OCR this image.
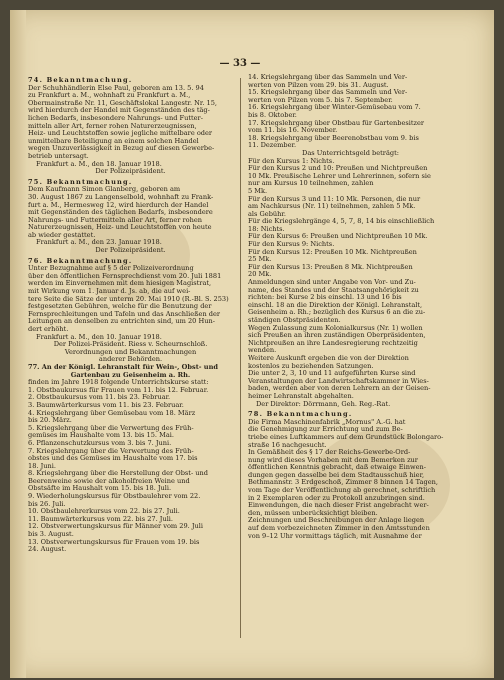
— 33 —
74. Bekanntmachung.
Der Schuhhändlerin Else Paul, geboren am 13. 5. 94
zu Frankfurt a. M., wohnhaft zu Frankfurt a. M.,
Obermainstraße Nr. 11, Geschäftslokal Langestr. Nr. 15,
wird hierdurch der Handel mit Gegenständen des täg-
lichen Bedarfs, insbesondere Nahrungs- und Futter-
mitteln aller Art, ferner rohen Naturerzeugnissen,
Heiz- und Leuchtstoffen sowie jegliche mittelbare oder
unmittelbare Beteiligung an einem solchen Handel
wegen Unzuverlässigkeit in Bezug auf diesen Gewerbe-
betrieb untersagt.
Frankfurt a. M., den 18. Januar 1918.
Der Polizeipräsident.
75. Bekanntmachung.
Dem Kaufmann Simon Glanberg, geboren am
30. August 1867 zu Langenselbold, wohnhaft zu Frank-
furt a. M., Hermesweg 12, wird hierdurch der Handel
mit Gegenständen des täglichen Bedarfs, insbesondere
Nahrungs- und Futtermitteln aller Art, ferner rohen
Naturerzeugnissen, Heiz- und Leuchtstoffen von heute
ab wieder gestattet.
Frankfurt a. M., den 23. Januar 1918.
Der Polizeipräsident.
76. Bekanntmachung.
Unter Bezugnahme auf § 5 der Polizeiverordnung
über den öffentlichen Fernsprechdienst vom 20. Juli 1881
werden im Einvernehmen mit dem hiesigen Magistrat,
mit Wirkung vom 1. Januar d. Js. ab, die auf wei-
tere Seite die Sätze der unterm 20. Mai 1910 (R.-Bl. S. 253)
festgesetzten Gebühren, welche für die Benutzung der
Fernsprechleitungen und Tafeln und das Anschließen der
Leitungen an denselben zu entrichten sind, um 20 Hun-
dert erhöht.
Frankfurt a. M., den 10. Januar 1918.
Der Polizei-Präsident. Riess v. Scheurnschloß.
Verordnungen und Bekanntmachungen
anderer Behörden.
77. An der Königl. Lehranstalt für Wein-, Obst- und
Gartenbau zu Geisenheim a. Rh.
finden im Jahre 1918 folgende Unterrichtskurse statt:
1. Obstbaukursus für Frauen vom 11. bis 12. Februar.
2. Obstbaukursus vom 11. bis 23. Februar.
3. Baumwärterkursus vom 11. bis 23. Februar.
4. Kriegslehrgang über Gemüsebau vom 18. März
bis 20. März.
5. Kriegslehrgang über die Verwertung des Früh-
gemüses im Haushalte vom 13. bis 15. Mai.
6. Pflanzenschutzkursus vom 3. bis 7. Juni.
7. Kriegslehrgang über die Verwertung des Früh-
obstes und des Gemüses im Haushalte vom 17. bis
18. Juni.
8. Kriegslehrgang über die Herstellung der Obst- und
Beerenweine sowie der alkoholfreien Weine und
Obstsäfte im Haushalt vom 15. bis 18. Juli.
9. Wiederholungskursus für Obstbaulehrer vom 22.
bis 26. Juli.
10. Obstbaulehrerkursus vom 22. bis 27. Juli.
11. Baumwärterkursus vom 22. bis 27. Juli.
12. Obstverwertungskursus für Männer vom 29. Juli
bis 3. August.
13. Obstverwertungskursus für Frauen vom 19. bis
24. August.
14. Kriegslehrgang über das Sammeln und Ver-
werten von Pilzen vom 29. bis 31. August.
15. Kriegslehrgang über das Sammeln und Ver-
werten von Pilzen vom 5. bis 7. September.
16. Kriegslehrgang über Winter-Gemüsebau vom 7.
bis 8. Oktober.
17. Kriegslehrgang über Obstbau für Gartenbesitzer
vom 11. bis 16. November.
18. Kriegslehrgang über Beerenobstbau vom 9. bis
11. Dezember.
Das Unterrichtsgeld beträgt:
Für den Kursus 1: Nichts.
Für den Kursus 2 und 10: Preußen und Nichtpreußen
10 Mk. Preußische Lehrer und Lehrerinnen, sofern sie
nur am Kursus 10 teilnehmen, zahlen
5 Mk.
Für den Kursus 3 und 11: 10 Mk. Personen, die nur
am Nachkursus (Nr. 11) teilnehmen, zahlen 5 Mk.
als Gebühr.
Für die Kriegslehrgänge 4, 5, 7, 8, 14 bis einschließlich
18: Nichts.
Für den Kursus 6: Preußen und Nichtpreußen 10 Mk.
Für den Kursus 9: Nichts.
Für den Kursus 12: Preußen 10 Mk. Nichtpreußen
25 Mk.
Für den Kursus 13: Preußen 8 Mk. Nichtpreußen
20 Mk.
Anmeldungen sind unter Angabe von Vor- und Zu-
name, des Standes und der Staatsangehörigkeit zu
richten: bei Kurse 2 bis einschl. 13 und 16 bis
einschl. 18 an die Direktion der Königl. Lehranstalt,
Geisenheim a. Rh.; bezüglich des Kursus 6 an die zu-
ständigen Obstpräsidenten.
Wegen Zulassung zum Kolonialkursus (Nr. 1) wollen
sich Preußen an ihren zuständigen Oberpräsidenten,
Nichtpreußen an ihre Landesregierung rechtzeitig
wenden.
Weitere Auskunft ergeben die von der Direktion
kostenlos zu beziehenden Satzungen.
Die unter 2, 3, 10 und 11 aufgeführten Kurse sind
Veranstaltungen der Landwirtschaftskammer in Wies-
baden, werden aber von deren Lehrern an der Geisen-
heimer Lehranstalt abgehalten.
Der Direktor: Dörrmann, Geh. Reg.-Rat.
78. Bekanntmachung.
Die Firma Maschinenfabrik „Mornus" A.-G. hat
die Genehmigung zur Errichtung und zum Be-
triebe eines Luftkammers auf dem Grundstück Bolongaro-
straße 16 nachgesucht.
In Gemäßheit des § 17 der Reichs-Gewerbe-Ord-
nung wird dieses Vorhaben mit dem Bemerken zur
öffentlichen Kenntnis gebracht, daß etwaige Einwen-
dungen gegen dasselbe bei dem Stadtausschuß hier,
Bethmannstr. 3 Erdgeschoß, Zimmer 8 binnen 14 Tagen,
vom Tage der Veröffentlichung ab gerechnet, schriftlich
in 2 Exemplaren oder zu Protokoll anzubringen sind.
Einwendungen, die nach dieser Frist angebracht wer-
den, müssen unberücksichtigt bleiben.
Zeichnungen und Beschreibungen der Anlage liegen
auf dem vorbezeichneten Zimmer in den Amtsstunden
von 9–12 Uhr vormittags täglich, mit Ausnahme der
